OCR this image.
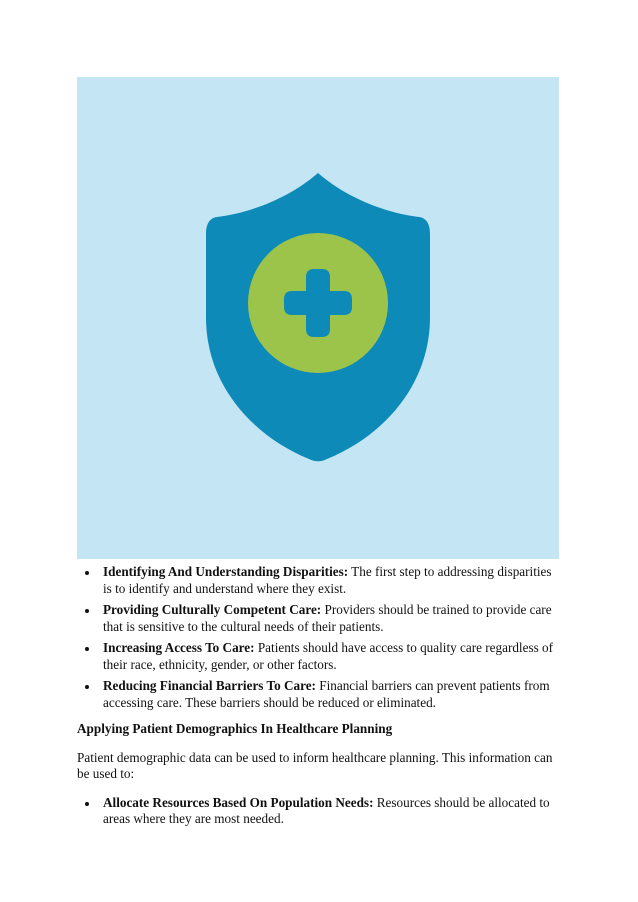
Identifying And Understanding Disparities: The first step to addressing disparities is to identify and understand where they exist.
Providing Culturally Competent Care: Providers should be trained to provide care that is sensitive to the cultural needs of their patients.
Increasing Access To Care: Patients should have access to quality care regardless of their race, ethnicity, gender, or other factors.
Reducing Financial Barriers To Care: Financial barriers can prevent patients from accessing care. These barriers should be reduced or eliminated.
Applying Patient Demographics In Healthcare Planning

Patient demographic data can be used to inform healthcare planning. This information can be used to:

Allocate Resources Based On Population Needs: Resources should be allocated to areas where they are most needed.
